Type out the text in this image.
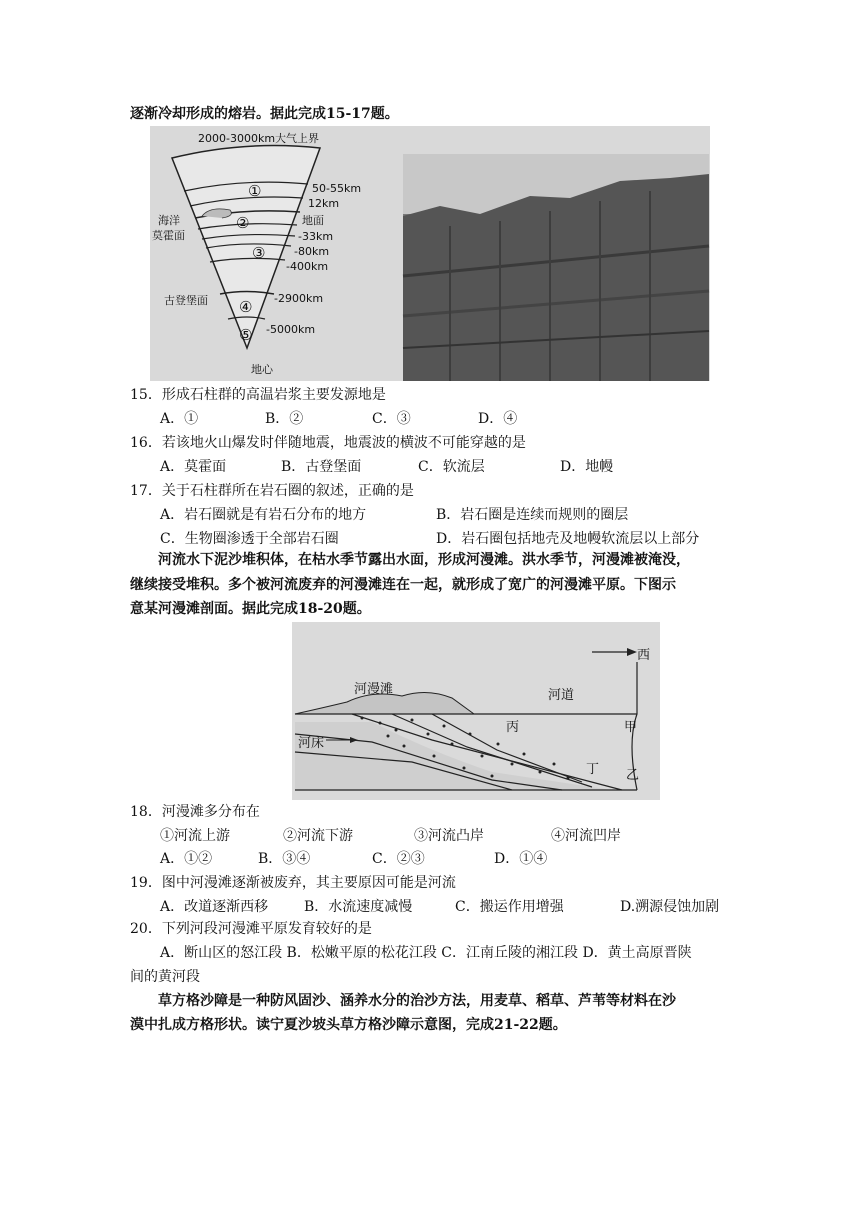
逐渐冷却形成的熔岩。据此完成15-17题。
2000-3000km大气上界
50-55km
12km
地面
-33km
-80km
-400km
-2900km
-5000km
地心
海洋
莫霍面
古登堡面
①
②
③
④
⑤
15．形成石柱群的高温岩浆主要发源地是
A．①	B．②	C．③	D．④
16．若该地火山爆发时伴随地震，地震波的横波不可能穿越的是
A．莫霍面	B．古登堡面	C．软流层	D．地幔
17．关于石柱群所在岩石圈的叙述，正确的是
A．岩石圈就是有岩石分布的地方	B．岩石圈是连续而规则的圈层
C．生物圈渗透于全部岩石圈	D．岩石圈包括地壳及地幔软流层以上部分
河流水下泥沙堆积体，在枯水季节露出水面，形成河漫滩。洪水季节，河漫滩被淹没，
继续接受堆积。多个被河流废弃的河漫滩连在一起，就形成了宽广的河漫滩平原。下图示
意某河漫滩剖面。据此完成18-20题。
西
河漫滩	河道
河床
丙	甲
丁 乙
18．河漫滩多分布在
①河流上游	②河流下游	③河流凸岸	④河流凹岸
A．①②	B．③④	C．②③	D．①④
19．图中河漫滩逐渐被废弃，其主要原因可能是河流
A．改道逐渐西移	B．水流速度减慢	C．搬运作用增强	D.溯源侵蚀加剧
20．下列河段河漫滩平原发育较好的是
A．断山区的怒江段 B．松嫩平原的松花江段 C．江南丘陵的湘江段 D．黄土高原晋陕
间的黄河段
草方格沙障是一种防风固沙、涵养水分的治沙方法，用麦草、稻草、芦苇等材料在沙
漠中扎成方格形状。读宁夏沙坡头草方格沙障示意图，完成21-22题。
